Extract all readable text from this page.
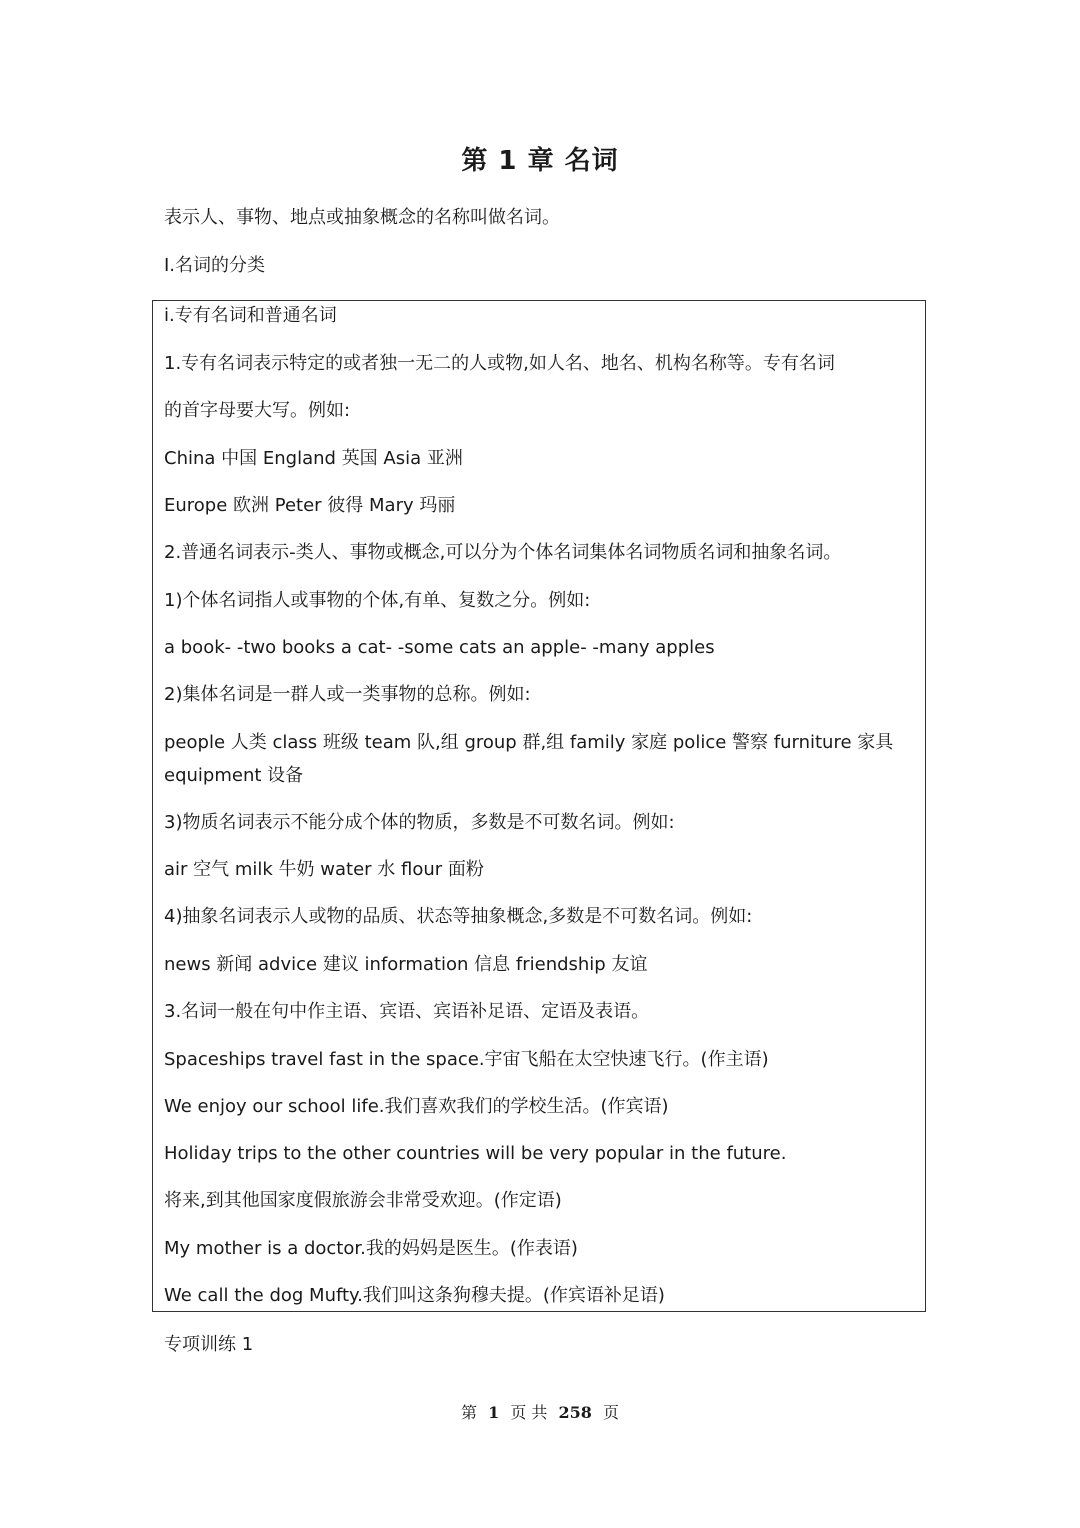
第 1 章 名词
表示人、事物、地点或抽象概念的名称叫做名词。
I.名词的分类
i.专有名词和普通名词
1.专有名词表示特定的或者独一无二的人或物,如人名、地名、机构名称等。专有名词
的首字母要大写。例如:
China 中国 England 英国 Asia 亚洲
Europe 欧洲 Peter 彼得 Mary 玛丽
2.普通名词表示-类人、事物或概念,可以分为个体名词集体名词物质名词和抽象名词。
1)个体名词指人或事物的个体,有单、复数之分。例如:
a book- -two books a cat- -some cats an apple- -many apples
2)集体名词是一群人或一类事物的总称。例如:
people 人类 class 班级 team 队,组 group 群,组 family 家庭 police 警察 furniture 家具
equipment 设备
3)物质名词表示不能分成个体的物质，多数是不可数名词。例如:
air 空气 milk 牛奶 water 水 flour 面粉
4)抽象名词表示人或物的品质、状态等抽象概念,多数是不可数名词。例如:
news 新闻 advice 建议 information 信息 friendship 友谊
3.名词一般在句中作主语、宾语、宾语补足语、定语及表语。
Spaceships travel fast in the space.宇宙飞船在太空快速飞行。(作主语)
We enjoy our school life.我们喜欢我们的学校生活。(作宾语)
Holiday trips to the other countries will be very popular in the future.
将来,到其他国家度假旅游会非常受欢迎。(作定语)
My mother is a doctor.我的妈妈是医生。(作表语)
We call the dog Mufty.我们叫这条狗穆夫提。(作宾语补足语)
专项训练 1
第 1 页 共 258 页
